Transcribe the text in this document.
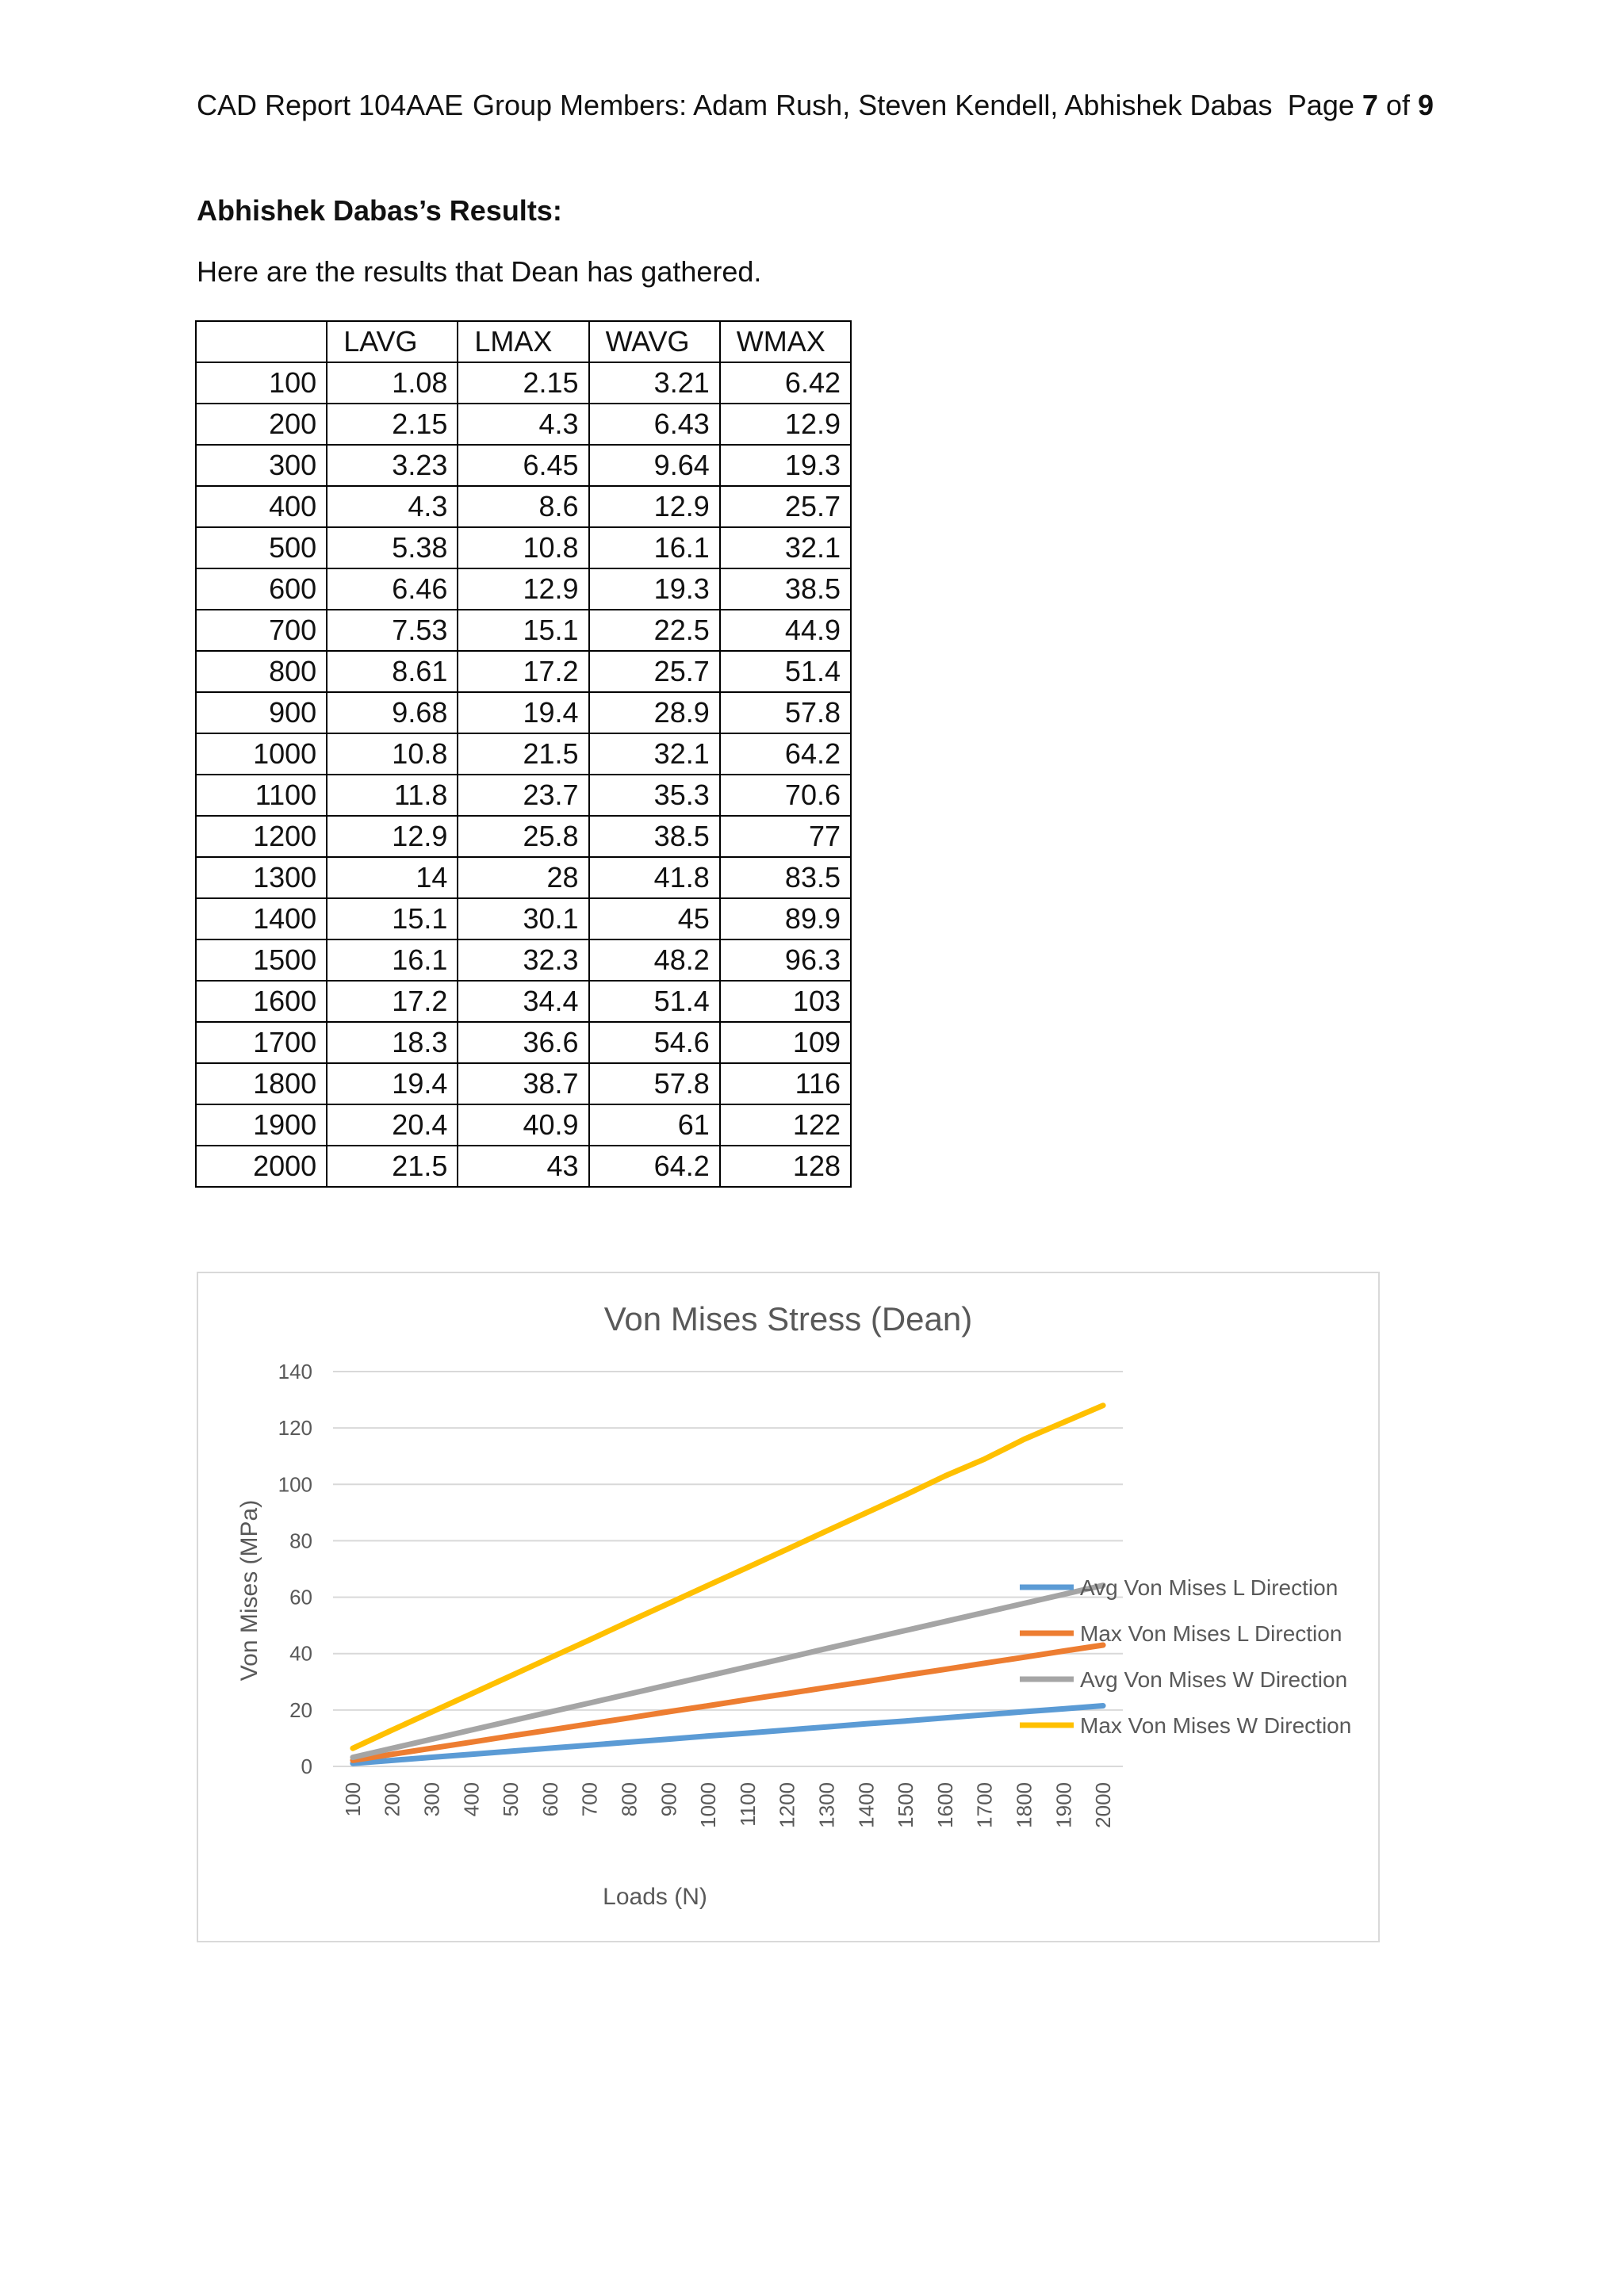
CAD Report 104AAE Group Members: Adam Rush, Steven Kendell, Abhishek Dabas Page 7 of 9
Abhishek Dabas’s Results:
Here are the results that Dean has gathered.
	LAVG	LMAX	WAVG	WMAX
100	1.08	2.15	3.21	6.42
200	2.15	4.3	6.43	12.9
300	3.23	6.45	9.64	19.3
400	4.3	8.6	12.9	25.7
500	5.38	10.8	16.1	32.1
600	6.46	12.9	19.3	38.5
700	7.53	15.1	22.5	44.9
800	8.61	17.2	25.7	51.4
900	9.68	19.4	28.9	57.8
1000	10.8	21.5	32.1	64.2
1100	11.8	23.7	35.3	70.6
1200	12.9	25.8	38.5	77
1300	14	28	41.8	83.5
1400	15.1	30.1	45	89.9
1500	16.1	32.3	48.2	96.3
1600	17.2	34.4	51.4	103
1700	18.3	36.6	54.6	109
1800	19.4	38.7	57.8	116
1900	20.4	40.9	61	122
2000	21.5	43	64.2	128
Von Mises Stress (Dean)
0
20
40
60
80
100
120
140
100 200 300 400 500 600 700 800 900 1000 1100 1200 1300 1400 1500 1600 1700 1800 1900 2000
Avg Von Mises L Direction
Max Von Mises L Direction
Avg Von Mises W Direction
Max Von Mises W Direction
Von Mises (MPa)
Loads (N)
